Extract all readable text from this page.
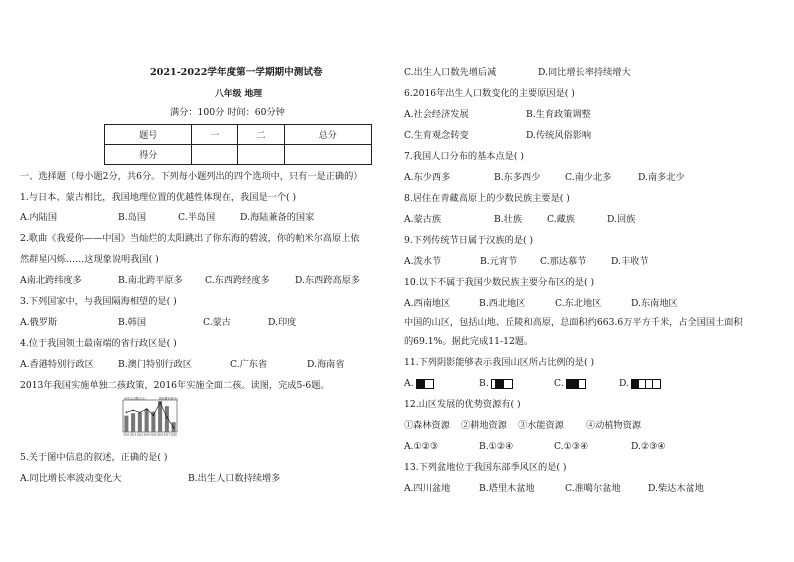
2021-2022学年度第一学期期中测试卷
八年级 地理
满分：100分 时间：60分钟
题号	一	二	总分
得分			
一、选择题（每小题2分，共6分。下列每小题列出的四个选项中，只有一是正确的）
1.与日本、蒙古相比，我国地理位置的优越性体现在，我国是一个( )
A.内陆国	B.岛国	C.半岛国	D.海陆兼备的国家
2.歌曲《我爱你——中国》当灿烂的太阳跳出了你东海的碧波，你的帕米尔高原上依
然群星闪烁……这现象说明我国( )
A南北跨纬度多	B.南北跨平原多 C.东西跨经度多	D.东西跨高原多
3.下列国家中，与我国隔海相望的是( )
A.俄罗斯	B.韩国	C.蒙古	D.印度
4.位于我国领土最南端的省行政区是( )
A.香港特别行政区	B.澳门特别行政区	C.广东省	D.海南省
2013年我国实施单独二孩政策，2016年实施全面二孩。读图，完成5-6题。
出生人口数(万人)	同比增长率(%)
2011 2012 2013 2014 2015 2016 2017 2018
5.关于图中信息的叙述，正确的是( )
A.同比增长率波动变化大	B.出生人口数持续增多
C.出生人口数先增后减	D.同比增长率持续增大
6.2016年出生人口数变化的主要原因是( )
A.社会经济发展	B.生育政策调整
C.生育观念转变	D.传统风俗影响
7.我国人口分布的基本点是( )
A.东少西多	B.东多西少	C.南少北多	D.南多北少
8.居住在青藏高原上的少数民族主要是( )
A.蒙古族	B.壮族	C.藏族	D.回族
9.下列传统节日属于汉族的是( )
A.泼水节	B.元宵节 C.那达慕节	D.丰收节
10.以下不属于我国少数民族主要分布区的是( )
A.西南地区	B.西北地区	C.东北地区	D.东南地区
中国的山区，包括山地、丘陵和高原，总面积约663.6万平方千米，占全国国土面积
的69.1%。据此完成11-12题。
11.下列阴影能够表示我国山区所占比例的是( )
A.	B.	C.	D.
12.山区发展的优势资源有( )
①森林资源 ②耕地资源 ③水能资源 ④动植物资源
A.①②③	B.①②④	C.①③④	D.②③④
13.下列盆地位于我国东部季风区的是( )
A.四川盆地	B.塔里木盆地	C.准噶尔盆地	D.柴达木盆地
